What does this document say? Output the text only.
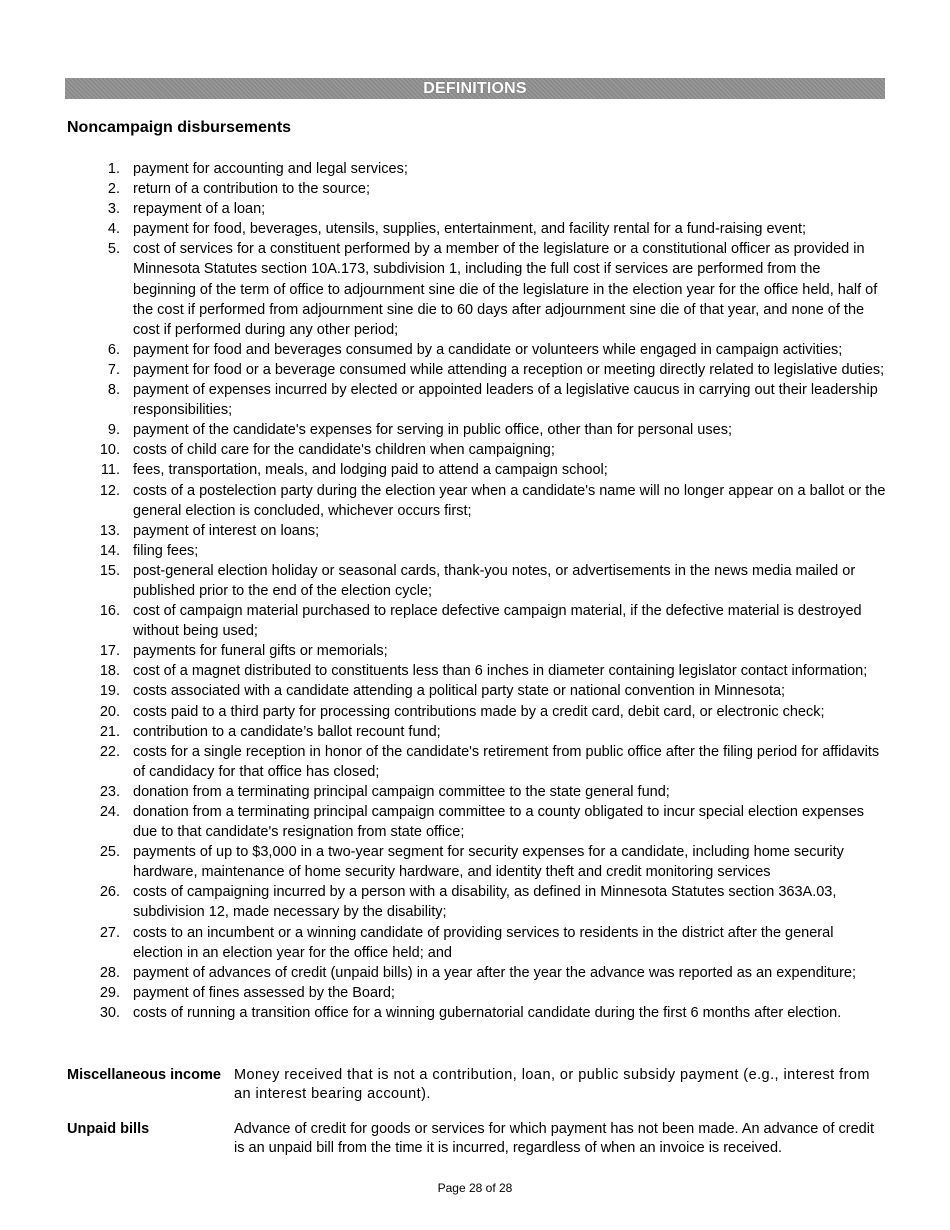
DEFINITIONS
Noncampaign disbursements
1. payment for accounting and legal services;
2. return of a contribution to the source;
3. repayment of a loan;
4. payment for food, beverages, utensils, supplies, entertainment, and facility rental for a fund-raising event;
5. cost of services for a constituent performed by a member of the legislature or a constitutional officer as provided in Minnesota Statutes section 10A.173, subdivision 1, including the full cost if services are performed from the beginning of the term of office to adjournment sine die of the legislature in the election year for the office held, half of the cost if performed from adjournment sine die to 60 days after adjournment sine die of that year, and none of the cost if performed during any other period;
6. payment for food and beverages consumed by a candidate or volunteers while engaged in campaign activities;
7. payment for food or a beverage consumed while attending a reception or meeting directly related to legislative duties;
8. payment of expenses incurred by elected or appointed leaders of a legislative caucus in carrying out their leadership responsibilities;
9. payment of the candidate's expenses for serving in public office, other than for personal uses;
10. costs of child care for the candidate's children when campaigning;
11. fees, transportation, meals, and lodging paid to attend a campaign school;
12. costs of a postelection party during the election year when a candidate's name will no longer appear on a ballot or the general election is concluded, whichever occurs first;
13. payment of interest on loans;
14. filing fees;
15. post-general election holiday or seasonal cards, thank-you notes, or advertisements in the news media mailed or published prior to the end of the election cycle;
16. cost of campaign material purchased to replace defective campaign material, if the defective material is destroyed without being used;
17. payments for funeral gifts or memorials;
18. cost of a magnet distributed to constituents less than 6 inches in diameter containing legislator contact information;
19. costs associated with a candidate attending a political party state or national convention in Minnesota;
20. costs paid to a third party for processing contributions made by a credit card, debit card, or electronic check;
21. contribution to a candidate’s ballot recount fund;
22. costs for a single reception in honor of the candidate's retirement from public office after the filing period for affidavits of candidacy for that office has closed;
23. donation from a terminating principal campaign committee to the state general fund;
24. donation from a terminating principal campaign committee to a county obligated to incur special election expenses due to that candidate's resignation from state office;
25. payments of up to $3,000 in a two-year segment for security expenses for a candidate, including home security hardware, maintenance of home security hardware, and identity theft and credit monitoring services
26. costs of campaigning incurred by a person with a disability, as defined in Minnesota Statutes section 363A.03, subdivision 12, made necessary by the disability;
27. costs to an incumbent or a winning candidate of providing services to residents in the district after the general election in an election year for the office held; and
28. payment of advances of credit (unpaid bills) in a year after the year the advance was reported as an expenditure;
29. payment of fines assessed by the Board;
30. costs of running a transition office for a winning gubernatorial candidate during the first 6 months after election.
Miscellaneous income Money received that is not a contribution, loan, or public subsidy payment (e.g., interest from an interest bearing account).
Unpaid bills	Advance of credit for goods or services for which payment has not been made. An advance of credit is an unpaid bill from the time it is incurred, regardless of when an invoice is received.
Page 28 of 28
